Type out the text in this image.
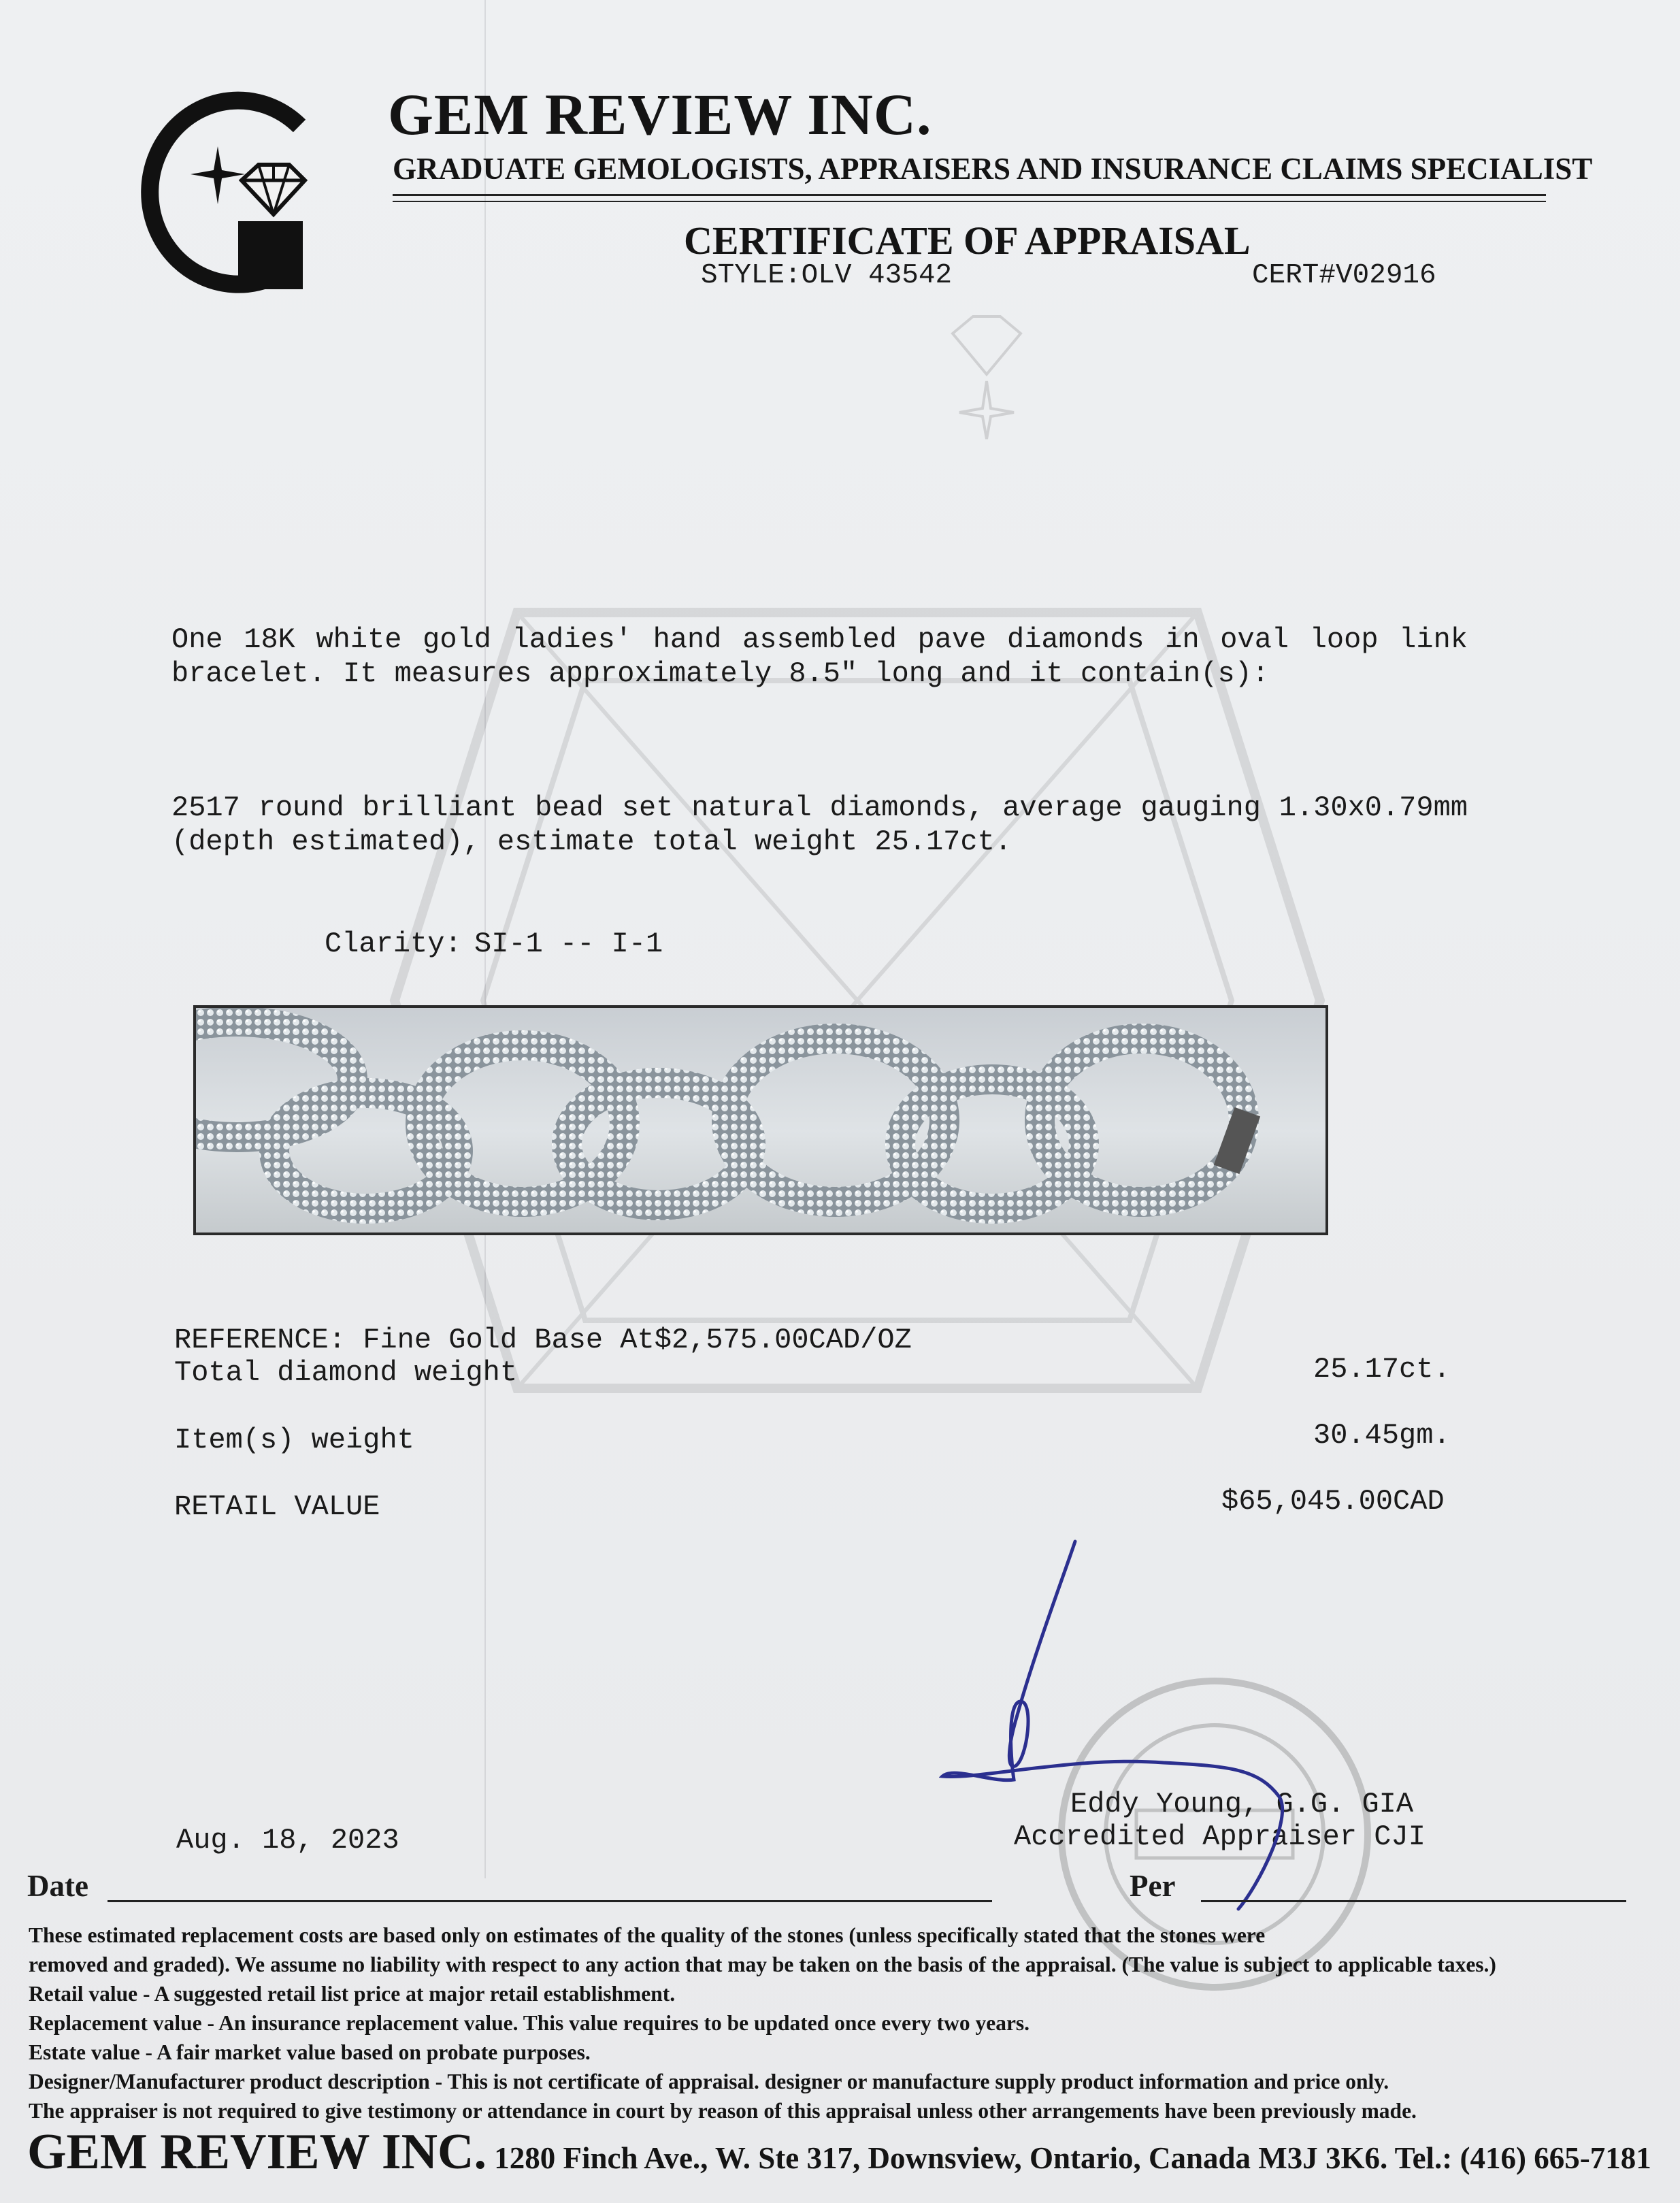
GEM REVIEW INC.
GRADUATE GEMOLOGISTS, APPRAISERS AND INSURANCE CLAIMS SPECIALIST
CERTIFICATE OF APPRAISAL
STYLE:OLV 43542	CERT#V02916
One 18K white gold ladies' hand assembled pave diamonds in oval loop link bracelet. It measures approximately 8.5" long and it contain(s):
2517 round brilliant bead set natural diamonds, average gauging 1.30x0.79mm (depth estimated), estimate total weight 25.17ct.

Clarity: SI-1 -- I-1

REFERENCE: Fine Gold Base At$2,575.00CAD/OZ
Total diamond weight	25.17ct.
Item(s) weight	30.45gm.
RETAIL VALUE	$65,045.00CAD
Eddy Young, G.G. GIA
Accredited Appraiser CJI
Aug. 18, 2023
Date	Per
These estimated replacement costs are based only on estimates of the quality of the stones (unless specifically stated that the stones were
removed and graded). We assume no liability with respect to any action that may be taken on the basis of the appraisal. (The value is subject to applicable taxes.)
Retail value - A suggested retail list price at major retail establishment.
Replacement value - An insurance replacement value. This value requires to be updated once every two years.
Estate value - A fair market value based on probate purposes.
Designer/Manufacturer product description - This is not certificate of appraisal. designer or manufacture supply product information and price only.
The appraiser is not required to give testimony or attendance in court by reason of this appraisal unless other arrangements have been previously made.
GEM REVIEW INC. 1280 Finch Ave., W. Ste 317, Downsview, Ontario, Canada M3J 3K6. Tel.: (416) 665-7181
